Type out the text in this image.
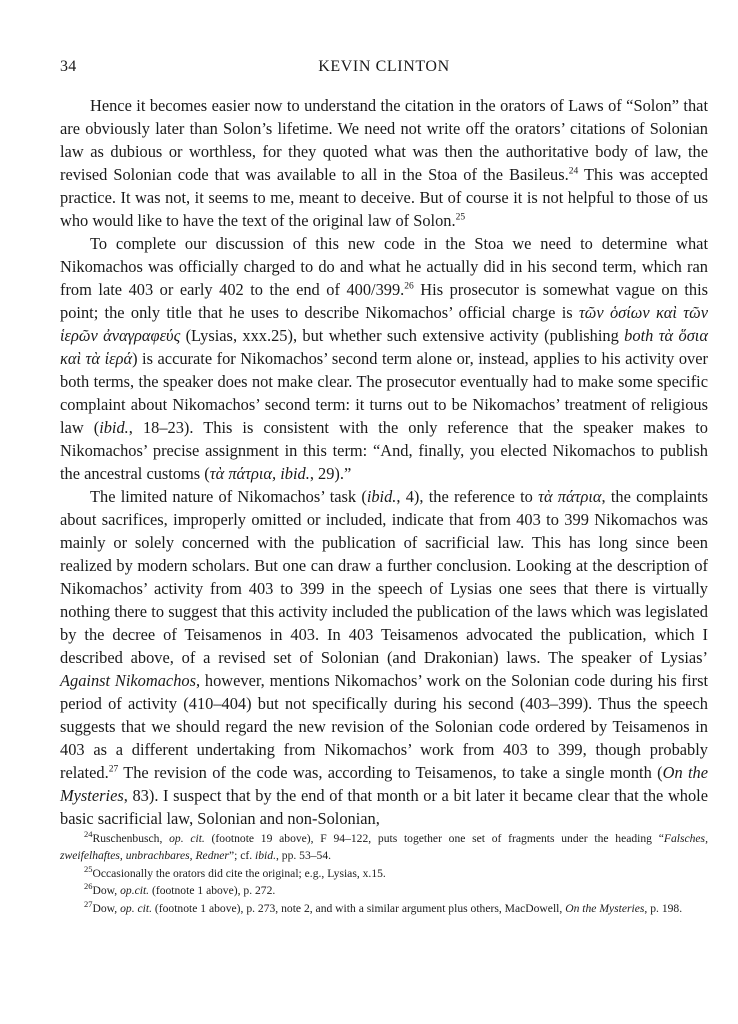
34	KEVIN CLINTON

Hence it becomes easier now to understand the citation in the orators of Laws of “Solon” that are obviously later than Solon’s lifetime. We need not write off the orators’ citations of Solonian law as dubious or worthless, for they quoted what was then the authoritative body of law, the revised Solonian code that was available to all in the Stoa of the Basileus.$^{24}$ This was accepted practice. It was not, it seems to me, meant to deceive. But of course it is not helpful to those of us who would like to have the text of the original law of Solon.$^{25}$

To complete our discussion of this new code in the Stoa we need to determine what Nikomachos was officially charged to do and what he actually did in his second term, which ran from late 403 or early 402 to the end of 400/399.26 His prosecutor is somewhat vague on this point; the only title that he uses to describe Nikomachos’ official charge is τῶν ὁσίων καὶ τῶν ἱερῶν ἀναγραφεύς (Lysias, xxx.25), but whether such extensive activity (publishing both τὰ ὅσια καὶ τὰ ἱερά) is accurate for Nikomachos’ second term alone or, instead, applies to his activity over both terms, the speaker does not make clear. The prosecutor eventually had to make some specific complaint about Nikomachos’ second term: it turns out to be Nikomachos’ treatment of religious law (ibid., 18–23). This is consistent with the only reference that the speaker makes to Nikomachos’ precise assignment in this term: “And, finally, you elected Nikomachos to publish the ancestral customs (τὰ πάτρια, ibid., 29).”

The limited nature of Nikomachos’ task (ibid., 4), the reference to τὰ πάτρια, the complaints about sacrifices, improperly omitted or included, indicate that from 403 to 399 Nikomachos was mainly or solely concerned with the publication of sacrificial law. This has long since been realized by modern scholars. But one can draw a further conclusion. Looking at the description of Nikomachos’ activity from 403 to 399 in the speech of Lysias one sees that there is virtually nothing there to suggest that this activity included the publication of the laws which was legislated by the decree of Teisamenos in 403. In 403 Teisamenos advocated the publication, which I described above, of a revised set of Solonian (and Drakonian) laws. The speaker of Lysias’ Against Nikomachos, however, mentions Nikomachos’ work on the Solonian code during his first period of activity (410–404) but not specifically during his second (403–399). Thus the speech suggests that we should regard the new revision of the Solonian code ordered by Teisamenos in 403 as a different undertaking from Nikomachos’ work from 403 to 399, though probably related.$^{27}$ The revision of the code was, according to Teisamenos, to take a single month (On the Mysteries, 83). I suspect that by the end of that month or a bit later it became clear that the whole basic sacrificial law, Solonian and non-Solonian,

$^{24}$Ruschenbusch, op. cit. (footnote 19 above), F 94–122, puts together one set of fragments under the heading “Falsches, zweifelhaftes, unbrachbares, Redner”; cf. ibid., pp. 53–54.

$^{25}$Occasionally the orators did cite the original; e.g., Lysias, x.15.

$^{26}$Dow, op.cit. (footnote 1 above), p. 272.

$^{27}$Dow, op. cit. (footnote 1 above), p. 273, note 2, and with a similar argument plus others, MacDowell, On the Mysteries, p. 198.
